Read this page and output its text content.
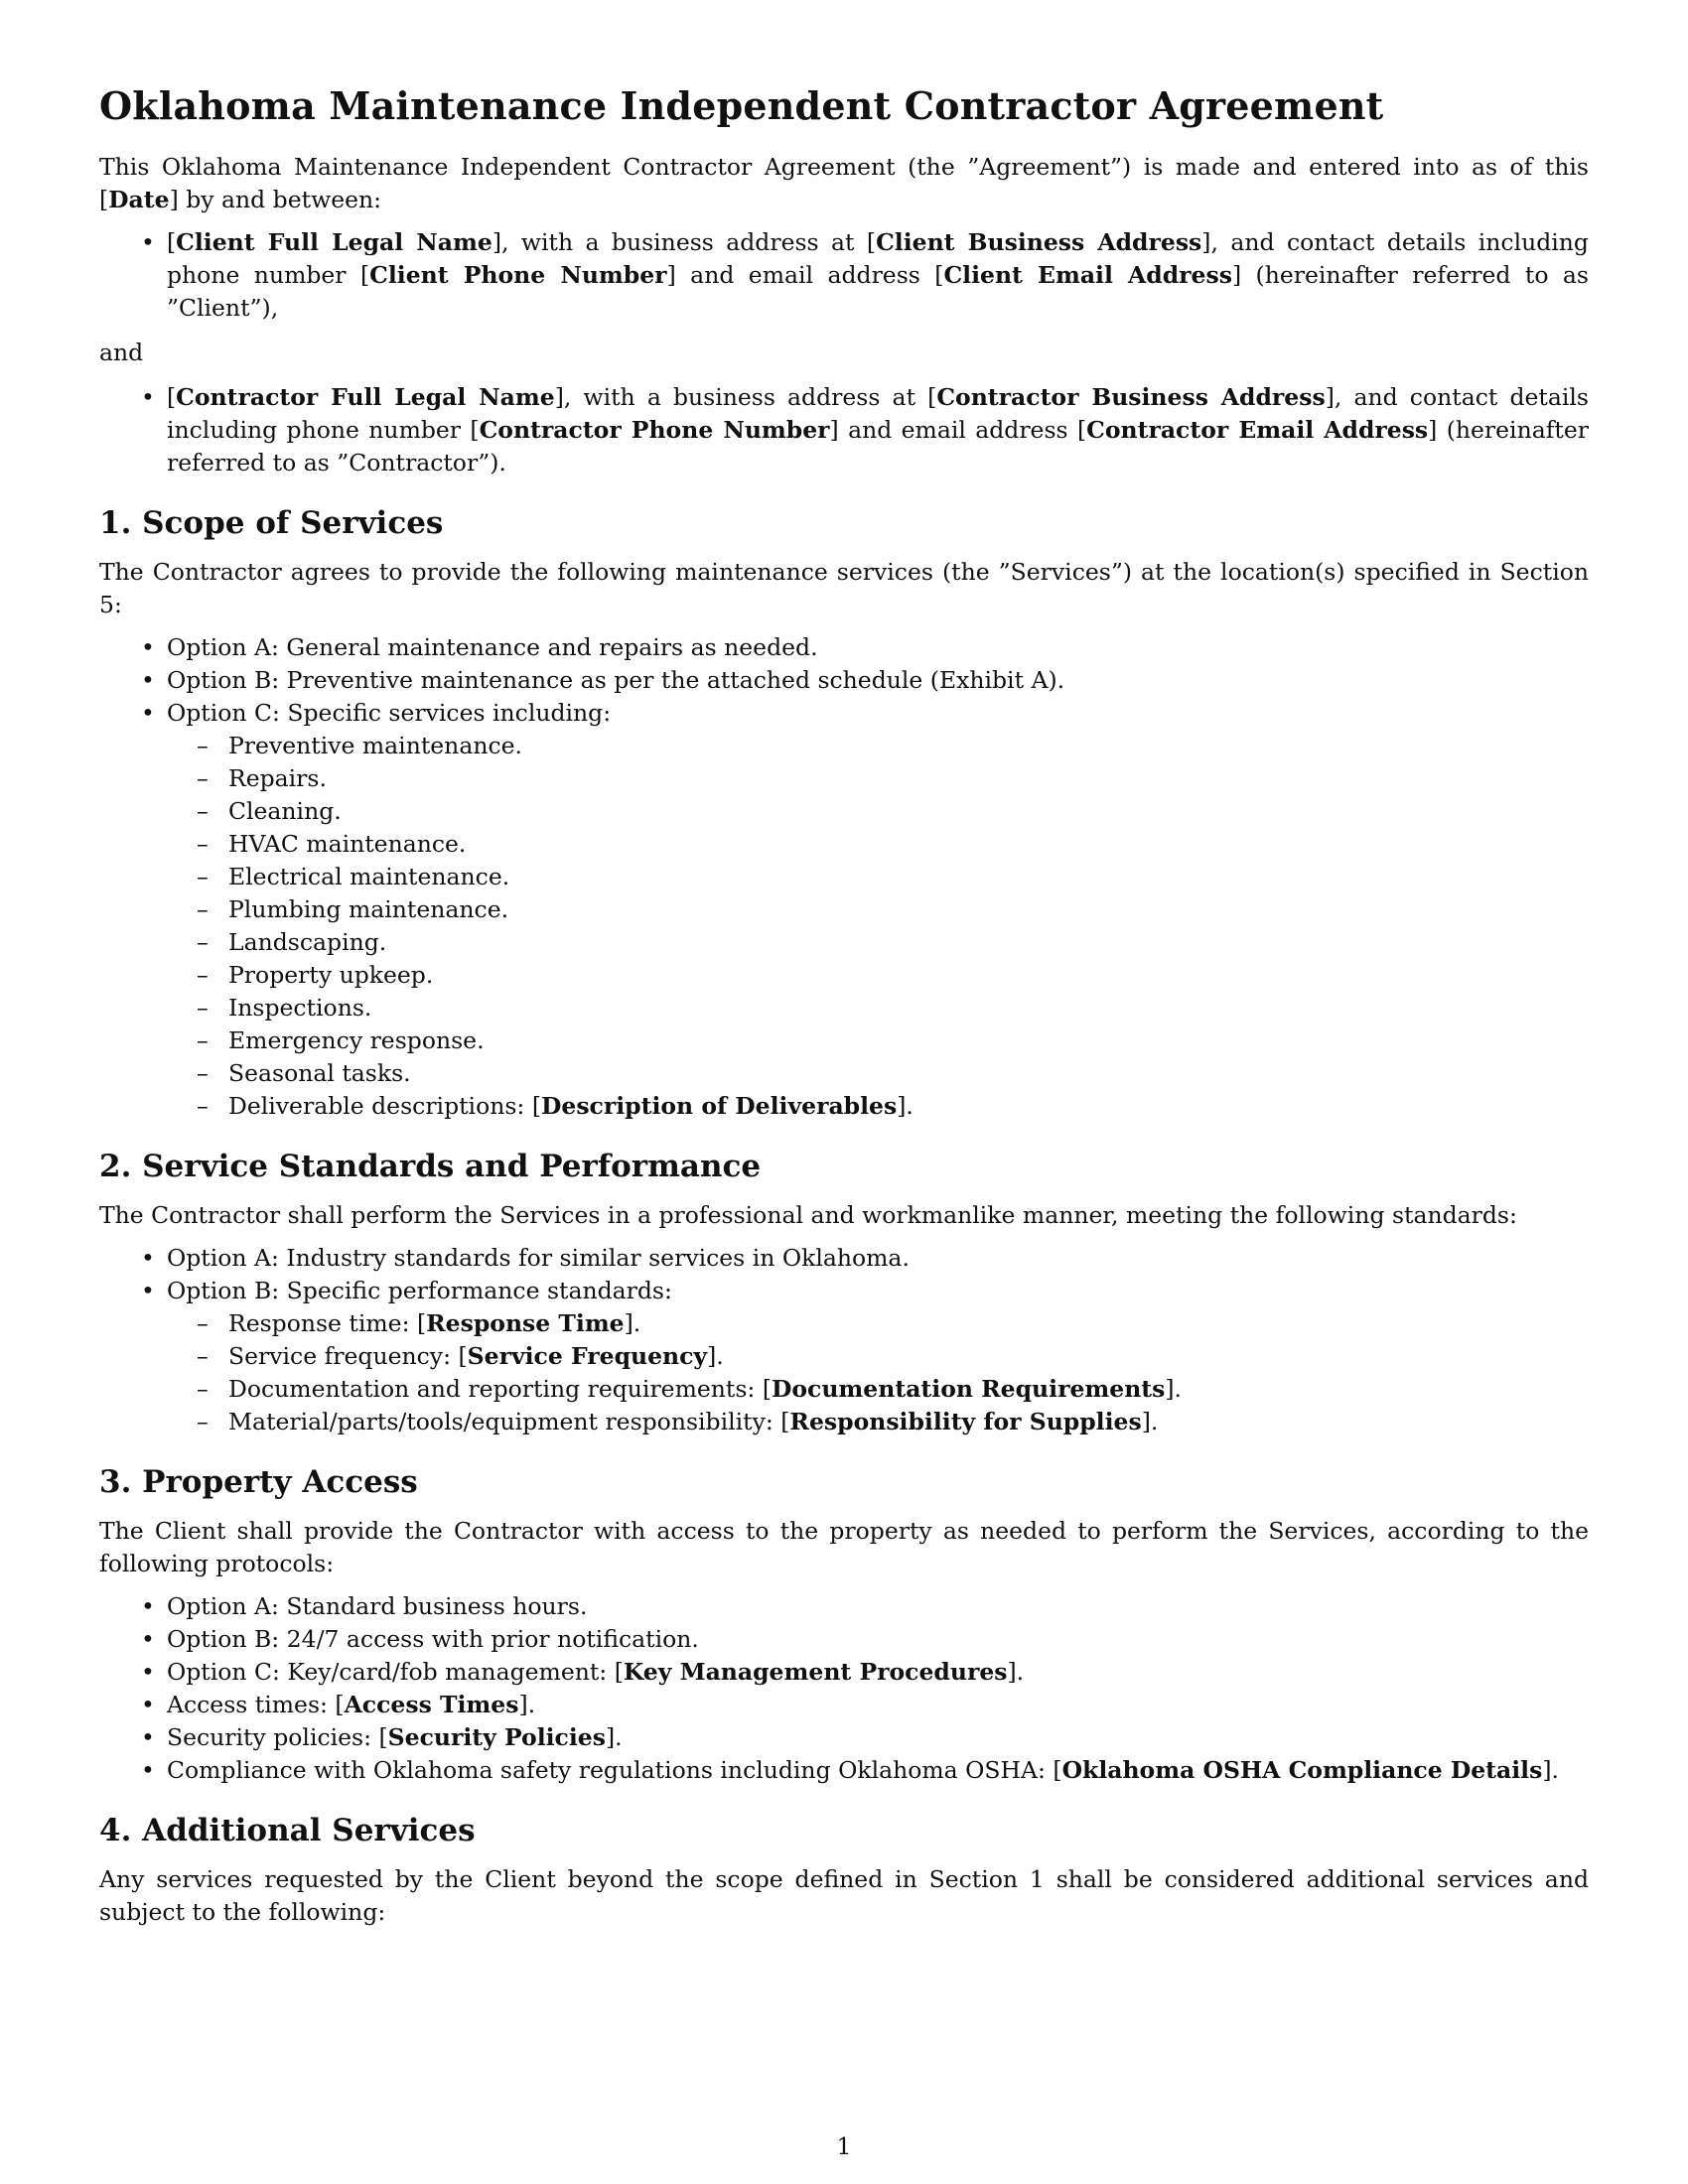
Oklahoma Maintenance Independent Contractor Agreement

This Oklahoma Maintenance Independent Contractor Agreement (the ”Agreement”) is made and entered into as of this [Date] by and between:

• [Client Full Legal Name], with a business address at [Client Business Address], and contact details including phone number [Client Phone Number] and email address [Client Email Address] (hereinafter referred to as ”Client”),

and

• [Contractor Full Legal Name], with a business address at [Contractor Business Address], and contact details including phone number [Contractor Phone Number] and email address [Contractor Email Address] (hereinafter referred to as ”Contractor”).
1. Scope of Services

The Contractor agrees to provide the following maintenance services (the ”Services”) at the location(s) specified in Section 5:

• Option A: General maintenance and repairs as needed.
• Option B: Preventive maintenance as per the attached schedule (Exhibit A).
• Option C: Specific services including:
– Preventive maintenance.
– Repairs.
– Cleaning.
– HVAC maintenance.
– Electrical maintenance.
– Plumbing maintenance.
– Landscaping.
– Property upkeep.
– Inspections.
– Emergency response.
– Seasonal tasks.
– Deliverable descriptions: [Description of Deliverables].
2. Service Standards and Performance

The Contractor shall perform the Services in a professional and workmanlike manner, meeting the following standards:

• Option A: Industry standards for similar services in Oklahoma.
• Option B: Specific performance standards:
– Response time: [Response Time].
– Service frequency: [Service Frequency].
– Documentation and reporting requirements: [Documentation Requirements].
– Material/parts/tools/equipment responsibility: [Responsibility for Supplies].
3. Property Access

The Client shall provide the Contractor with access to the property as needed to perform the Services, according to the following protocols:

• Option A: Standard business hours.
• Option B: 24/7 access with prior notification.
• Option C: Key/card/fob management: [Key Management Procedures].
• Access times: [Access Times].
• Security policies: [Security Policies].
• Compliance with Oklahoma safety regulations including Oklahoma OSHA: [Oklahoma OSHA Compliance Details].
4. Additional Services

Any services requested by the Client beyond the scope defined in Section 1 shall be considered additional services and subject to the following:

1
